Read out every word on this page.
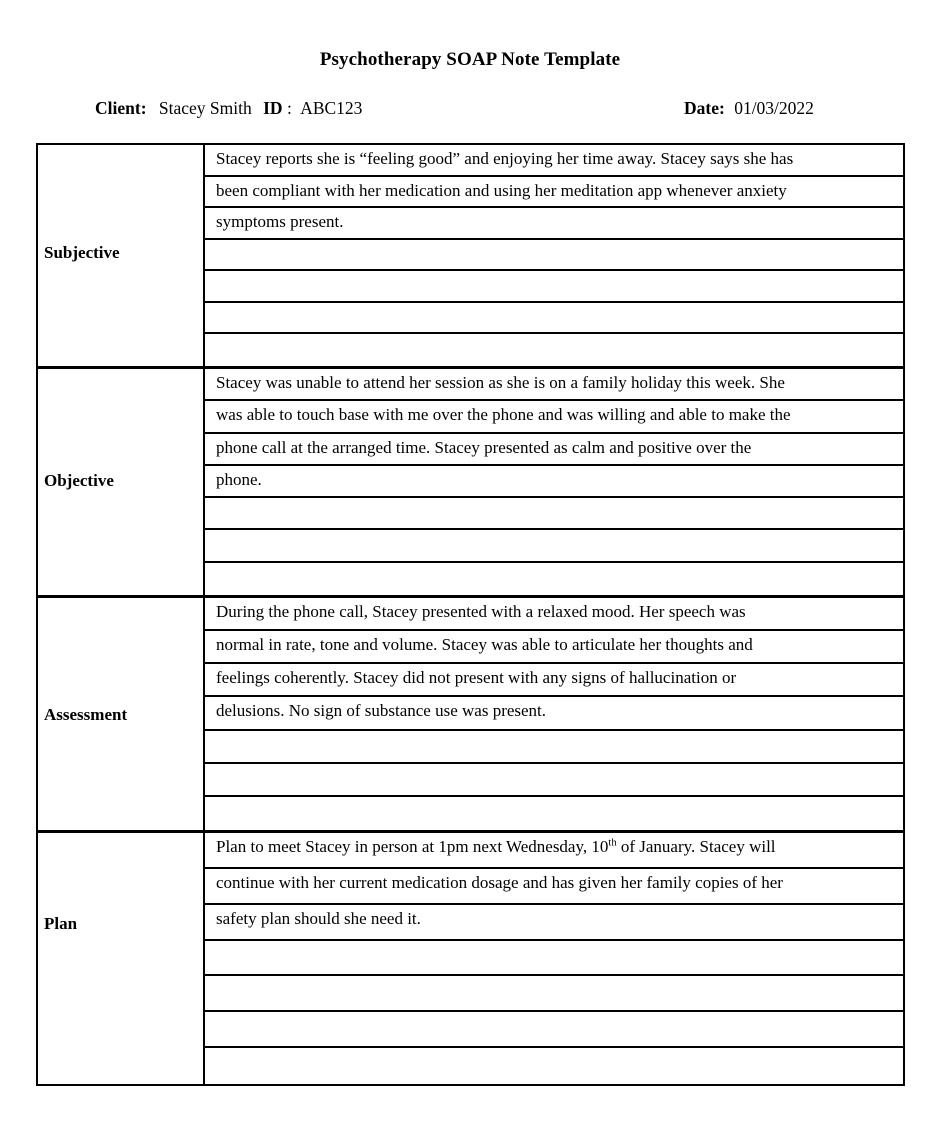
Psychotherapy SOAP Note Template
Client: Stacey Smith ID : ABC123	Date: 01/03/2022
Subjective
Stacey reports she is “feeling good” and enjoying her time away. Stacey says she has
been compliant with her medication and using her meditation app whenever anxiety
symptoms present.
Objective
Stacey was unable to attend her session as she is on a family holiday this week. She
was able to touch base with me over the phone and was willing and able to make the
phone call at the arranged time. Stacey presented as calm and positive over the
phone.
Assessment
During the phone call, Stacey presented with a relaxed mood. Her speech was
normal in rate, tone and volume. Stacey was able to articulate her thoughts and
feelings coherently. Stacey did not present with any signs of hallucination or
delusions. No sign of substance use was present.
Plan
Plan to meet Stacey in person at 1pm next Wednesday, 10th of January. Stacey will
continue with her current medication dosage and has given her family copies of her
safety plan should she need it.
